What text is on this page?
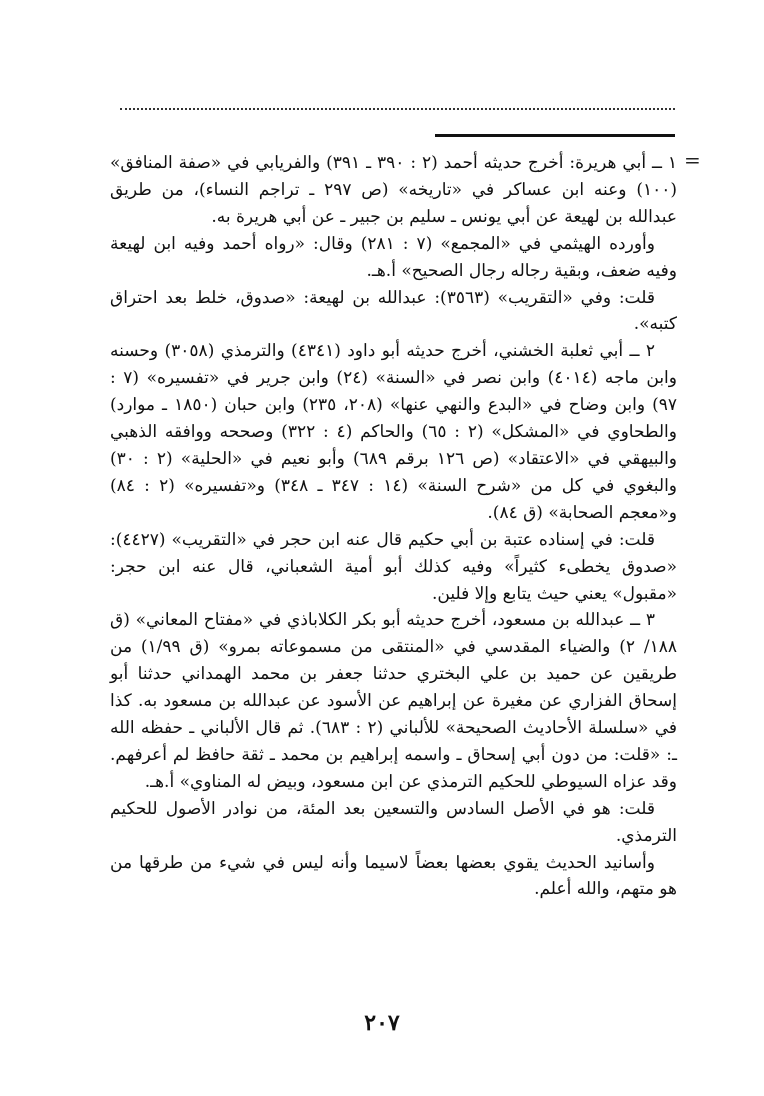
=

١ ــ أبي هريرة: أخرج حديثه أحمد (٢ : ٣٩٠ ـ ٣٩١) والفريابي في «صفة المنافق» (١٠٠) وعنه ابن عساكر في «تاريخه» (ص ٢٩٧ ـ تراجم النساء)، من طريق عبدالله بن لهيعة عن أبي يونس ـ سليم بن جبير ـ عن أبي هريرة به.

وأورده الهيثمي في «المجمع» (٧ : ٢٨١) وقال: «رواه أحمد وفيه ابن لهيعة وفيه ضعف، وبقية رجاله رجال الصحيح» أ.هـ.

قلت: وفي «التقريب» (٣٥٦٣): عبدالله بن لهيعة: «صدوق، خلط بعد احتراق كتبه».

٢ ــ أبي ثعلبة الخشني، أخرج حديثه أبو داود (٤٣٤١) والترمذي (٣٠٥٨) وحسنه وابن ماجه (٤٠١٤) وابن نصر في «السنة» (٢٤) وابن جرير في «تفسيره» (٧ : ٩٧) وابن وضاح في «البدع والنهي عنها» (٢٠٨، ٢٣٥) وابن حبان (١٨٥٠ ـ موارد) والطحاوي في «المشكل» (٢ : ٦٥) والحاكم (٤ : ٣٢٢) وصححه ووافقه الذهبي والبيهقي في «الاعتقاد» (ص ١٢٦ برقم ٦٨٩) وأبو نعيم في «الحلية» (٢ : ٣٠) والبغوي في كل من «شرح السنة» (١٤ : ٣٤٧ ـ ٣٤٨) و«تفسيره» (٢ : ٨٤) و«معجم الصحابة» (ق ٨٤).

قلت: في إسناده عتبة بن أبي حكيم قال عنه ابن حجر في «التقريب» (٤٤٢٧): «صدوق يخطىء كثيراً» وفيه كذلك أبو أمية الشعباني، قال عنه ابن حجر: «مقبول» يعني حيث يتابع وإلا فلين.

٣ ــ عبدالله بن مسعود، أخرج حديثه أبو بكر الكلاباذي في «مفتاح المعاني» (ق ١٨٨/ ٢) والضياء المقدسي في «المنتقى من مسموعاته بمرو» (ق ١/٩٩) من طريقين عن حميد بن علي البختري حدثنا جعفر بن محمد الهمداني حدثنا أبو إسحاق الفزاري عن مغيرة عن إبراهيم عن الأسود عن عبدالله بن مسعود به. كذا في «سلسلة الأحاديث الصحيحة» للألباني (٢ : ٦٨٣). ثم قال الألباني ـ حفظه الله ـ: «قلت: من دون أبي إسحاق ـ واسمه إبراهيم بن محمد ـ ثقة حافظ لم أعرفهم. وقد عزاه السيوطي للحكيم الترمذي عن ابن مسعود، وبيض له المناوي» أ.هـ.

قلت: هو في الأصل السادس والتسعين بعد المئة، من نوادر الأصول للحكيم الترمذي.

وأسانيد الحديث يقوي بعضها بعضاً لاسيما وأنه ليس في شيء من طرقها من هو متهم، والله أعلم.

٢٠٧
